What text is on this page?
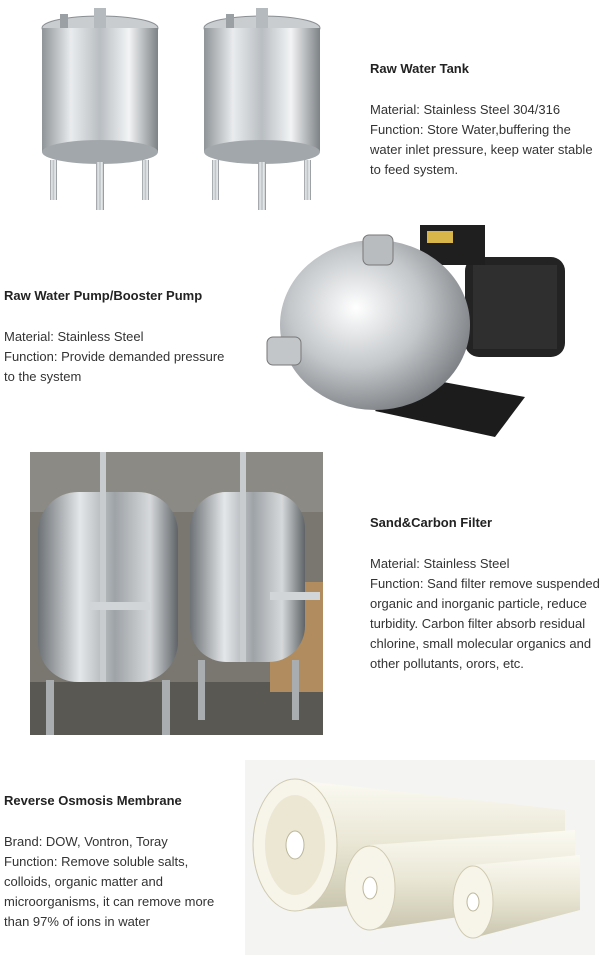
Raw Water Tank

Material: Stainless Steel 304/316

Function: Store Water,buffering the

water inlet pressure, keep water stable

to feed system.

Raw Water Pump/Booster Pump

Material: Stainless Steel

Function: Provide demanded pressure

to the system

Sand&Carbon Filter

Material: Stainless Steel

Function: Sand filter remove suspended

organic and inorganic particle, reduce

turbidity. Carbon filter absorb residual

chlorine, small molecular organics and

other pollutants, orors, etc.

Reverse Osmosis Membrane

Brand: DOW, Vontron, Toray

Function: Remove soluble salts,

colloids, organic matter and

microorganisms, it can remove more

than 97% of ions in water
